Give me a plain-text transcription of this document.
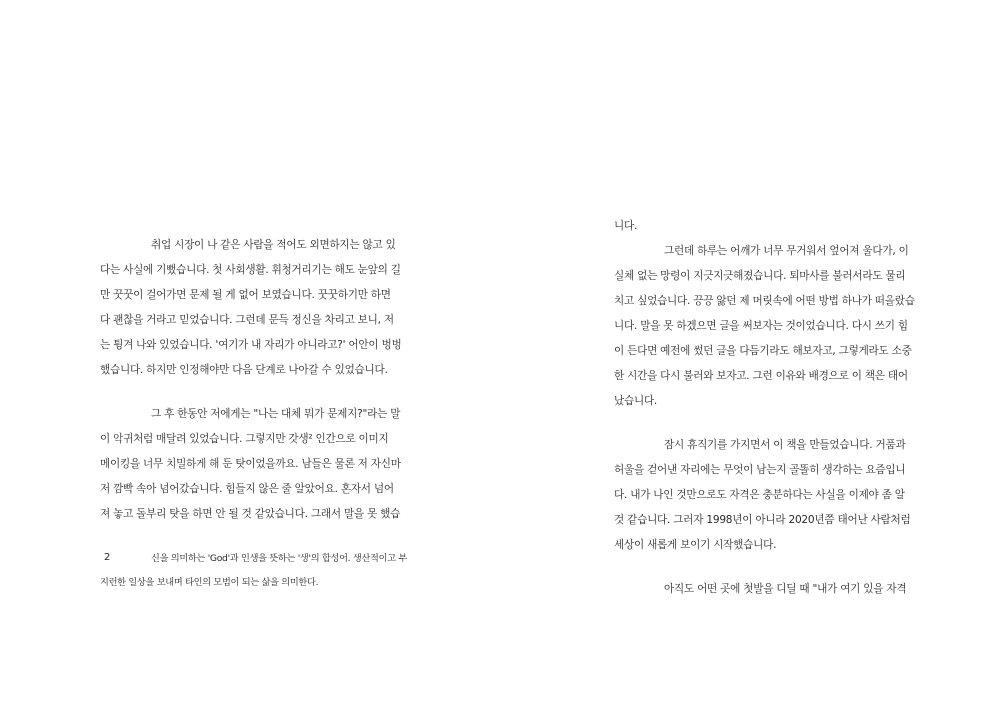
취업 시장이 나 같은 사람을 적어도 외면하지는 않고 있
다는 사실에 기뻤습니다. 첫 사회생활. 휘청거리기는 해도 눈앞의 길
만 꿋꿋이 걸어가면 문제 될 게 없어 보였습니다. 꿋꿋하기만 하면
다 괜찮을 거라고 믿었습니다. 그런데 문득 정신을 차리고 보니, 저
는 튕겨 나와 있었습니다. '여기가 내 자리가 아니라고?' 어안이 벙벙
했습니다. 하지만 인정해야만 다음 단계로 나아갈 수 있었습니다.
그 후 한동안 저에게는 "나는 대체 뭐가 문제지?"라는 말
이 악귀처럼 매달려 있었습니다. 그렇지만 갓생² 인간으로 이미지
메이킹을 너무 치밀하게 해 둔 탓이었을까요. 남들은 물론 저 자신마
저 깜빡 속아 넘어갔습니다. 힘들지 않은 줄 알았어요. 혼자서 넘어
져 놓고 돌부리 탓을 하면 안 될 것 같았습니다. 그래서 말을 못 했습
2	신을 의미하는 'God'과 인생을 뜻하는 '생'의 합성어. 생산적이고 부
지런한 일상을 보내며 타인의 모범이 되는 삶을 의미한다.
니다.
그런데 하루는 어깨가 너무 무거워서 엎어져 울다가, 이
실체 없는 망령이 지긋지긋해졌습니다. 퇴마사를 불러서라도 물리
치고 싶었습니다. 끙끙 앓던 제 머릿속에 어떤 방법 하나가 떠올랐습
니다. 말을 못 하겠으면 글을 써보자는 것이었습니다. 다시 쓰기 힘
이 든다면 예전에 썼던 글을 다듬기라도 해보자고, 그렇게라도 소중
한 시간을 다시 불러와 보자고. 그런 이유와 배경으로 이 책은 태어
났습니다.
잠시 휴직기를 가지면서 이 책을 만들었습니다. 거품과
허울을 걷어낸 자리에는 무엇이 남는지 골똘히 생각하는 요즘입니
다. 내가 나인 것만으로도 자격은 충분하다는 사실을 이제야 좀 알
것 같습니다. 그러자 1998년이 아니라 2020년쯤 태어난 사람처럼
세상이 새롭게 보이기 시작했습니다.
아직도 어떤 곳에 첫발을 디딜 때 "내가 여기 있을 자격
